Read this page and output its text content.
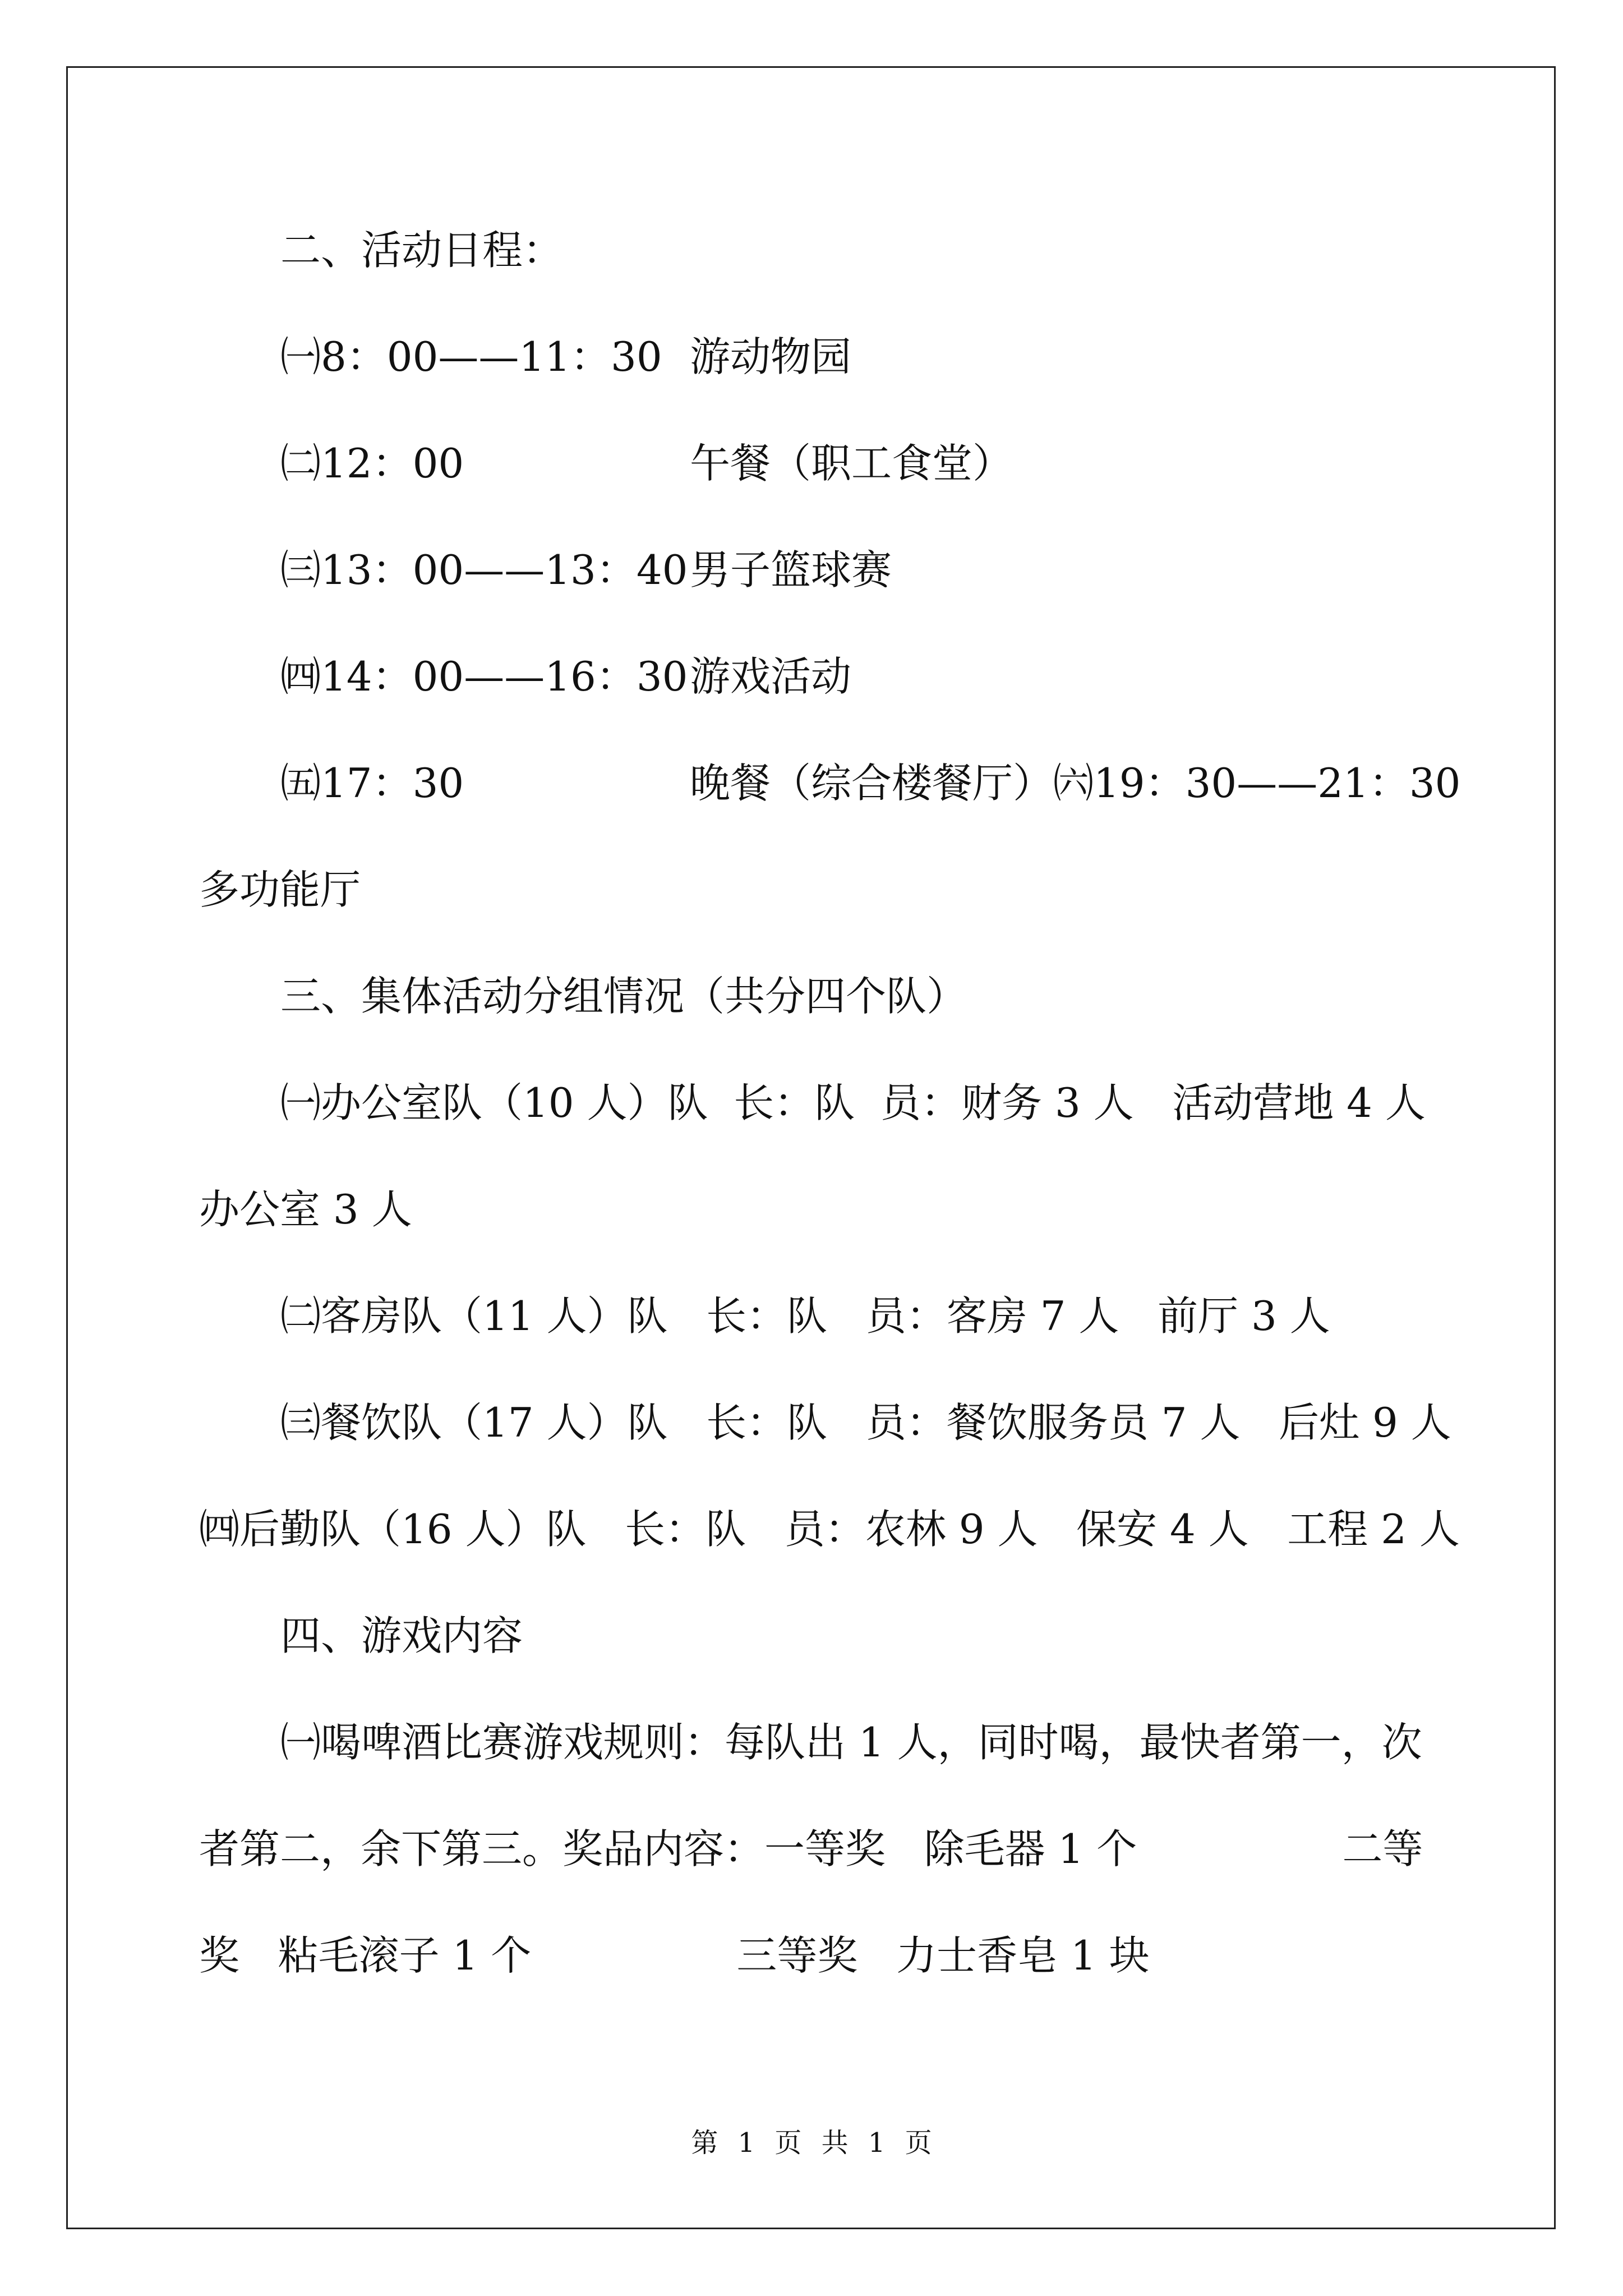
二、活动日程：
㈠8：00——11：30 游动物园
㈡12：00	午餐（职工食堂）
㈢13：00——13：40 男子篮球赛
㈣14：00——16：30 游戏活动
㈤17：30	晚餐（综合楼餐厅）㈥19：30——21：30
多功能厅
三、集体活动分组情况（共分四个队）
㈠办公室队（10 人）队  长：队  员：财务 3 人   活动营地 4 人
办公室 3 人
㈡客房队（11 人）队   长：队   员：客房 7 人   前厅 3 人
㈢餐饮队（17 人）队   长：队   员：餐饮服务员 7 人   后灶 9 人
㈣后勤队（16 人）队   长：队   员：农林 9 人   保安 4 人   工程 2 人
四、游戏内容
㈠喝啤酒比赛游戏规则：每队出 1 人，同时喝，最快者第一，次
者第二，余下第三。奖品内容：一等奖   除毛器 1 个                二等
奖   粘毛滚子 1 个                三等奖   力士香皂 1 块
第 1 页 共 1 页
